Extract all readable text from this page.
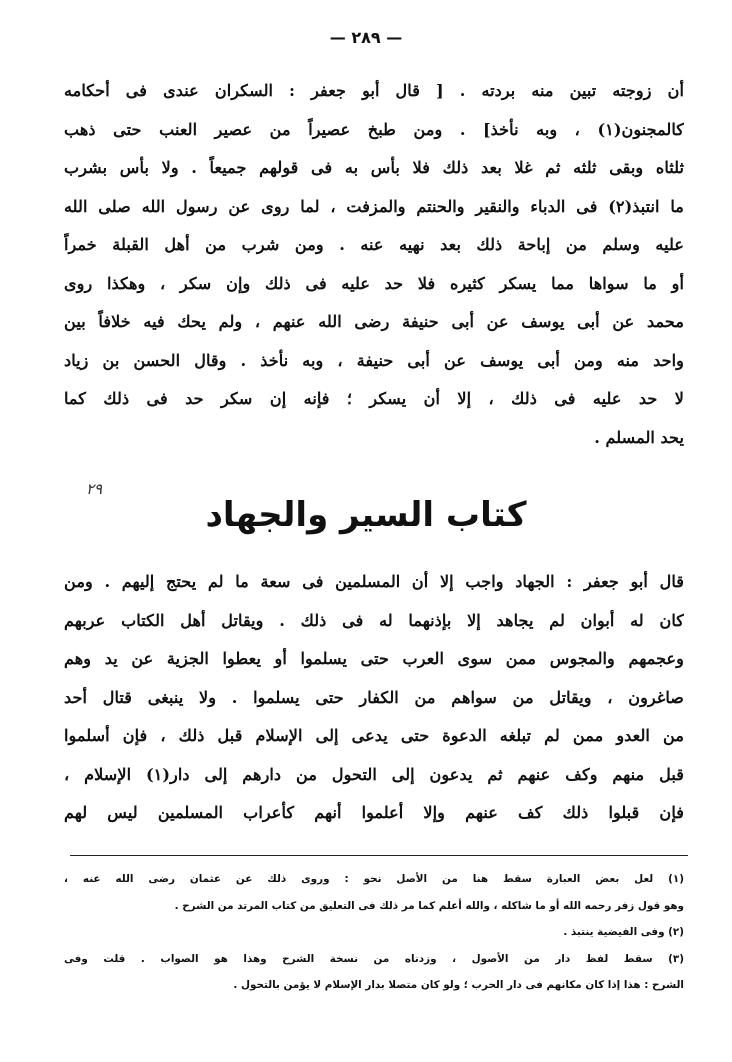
— ٢٨٩ —
أن زوجته تبين منه بردته . [ قال أبو جعفر : السكران عندى فى أحكامه
كالمجنون(١) ، وبه نأخذ] . ومن طبخ عصيراً من عصير العنب حتى ذهب
ثلثاه وبقى ثلثه ثم غلا بعد ذلك فلا بأس به فى قولهم جميعاً . ولا بأس بشرب
ما انتبذ(٢) فى الدباء والنقير والحنتم والمزفت ، لما روى عن رسول الله صلى الله
عليه وسلم من إباحة ذلك بعد نهيه عنه . ومن شرب من أهل القبلة خمراً
أو ما سواها مما يسكر كثيره فلا حد عليه فى ذلك وإن سكر ، وهكذا روى
محمد عن أبى يوسف عن أبى حنيفة رضى الله عنهم ، ولم يحك فيه خلافاً بين
واحد منه ومن أبى يوسف عن أبى حنيفة ، وبه نأخذ . وقال الحسن بن زياد
لا حد عليه فى ذلك ، إلا أن يسكر ؛ فإنه إن سكر حد فى ذلك كما
يحد المسلم .
٢٩
كتاب السير والجهاد
قال أبو جعفر : الجهاد واجب إلا أن المسلمين فى سعة ما لم يحتج إليهم . ومن
كان له أبوان لم يجاهد إلا بإذنهما له فى ذلك . ويقاتل أهل الكتاب عربهم
وعجمهم والمجوس ممن سوى العرب حتى يسلموا أو يعطوا الجزية عن يد وهم
صاغرون ، ويقاتل من سواهم من الكفار حتى يسلموا . ولا ينبغى قتال أحد
من العدو ممن لم تبلغه الدعوة حتى يدعى إلى الإسلام قبل ذلك ، فإن أسلموا
قبل منهم وكف عنهم ثم يدعون إلى التحول من دارهم إلى دار(١) الإسلام ،
فإن قبلوا ذلك كف عنهم وإلا أعلموا أنهم كأعراب المسلمين ليس لهم
(١) لعل بعض العبارة سقط هنا من الأصل نحو : وروى ذلك عن عثمان رضى الله عنه ،
وهو قول زفر رحمه الله أو ما شاكله ، والله أعلم كما مر ذلك فى التعليق من كتاب المرتد من الشرح .
(٢) وفى الفيضية ينتبذ .
(٣) سقط لفظ دار من الأصول ، وزدناه من نسخة الشرح وهذا هو الصواب . قلت وفى
الشرح : هذا إذا كان مكانهم فى دار الحرب ؛ ولو كان متصلا بدار الإسلام لا يؤمن بالتحول .
